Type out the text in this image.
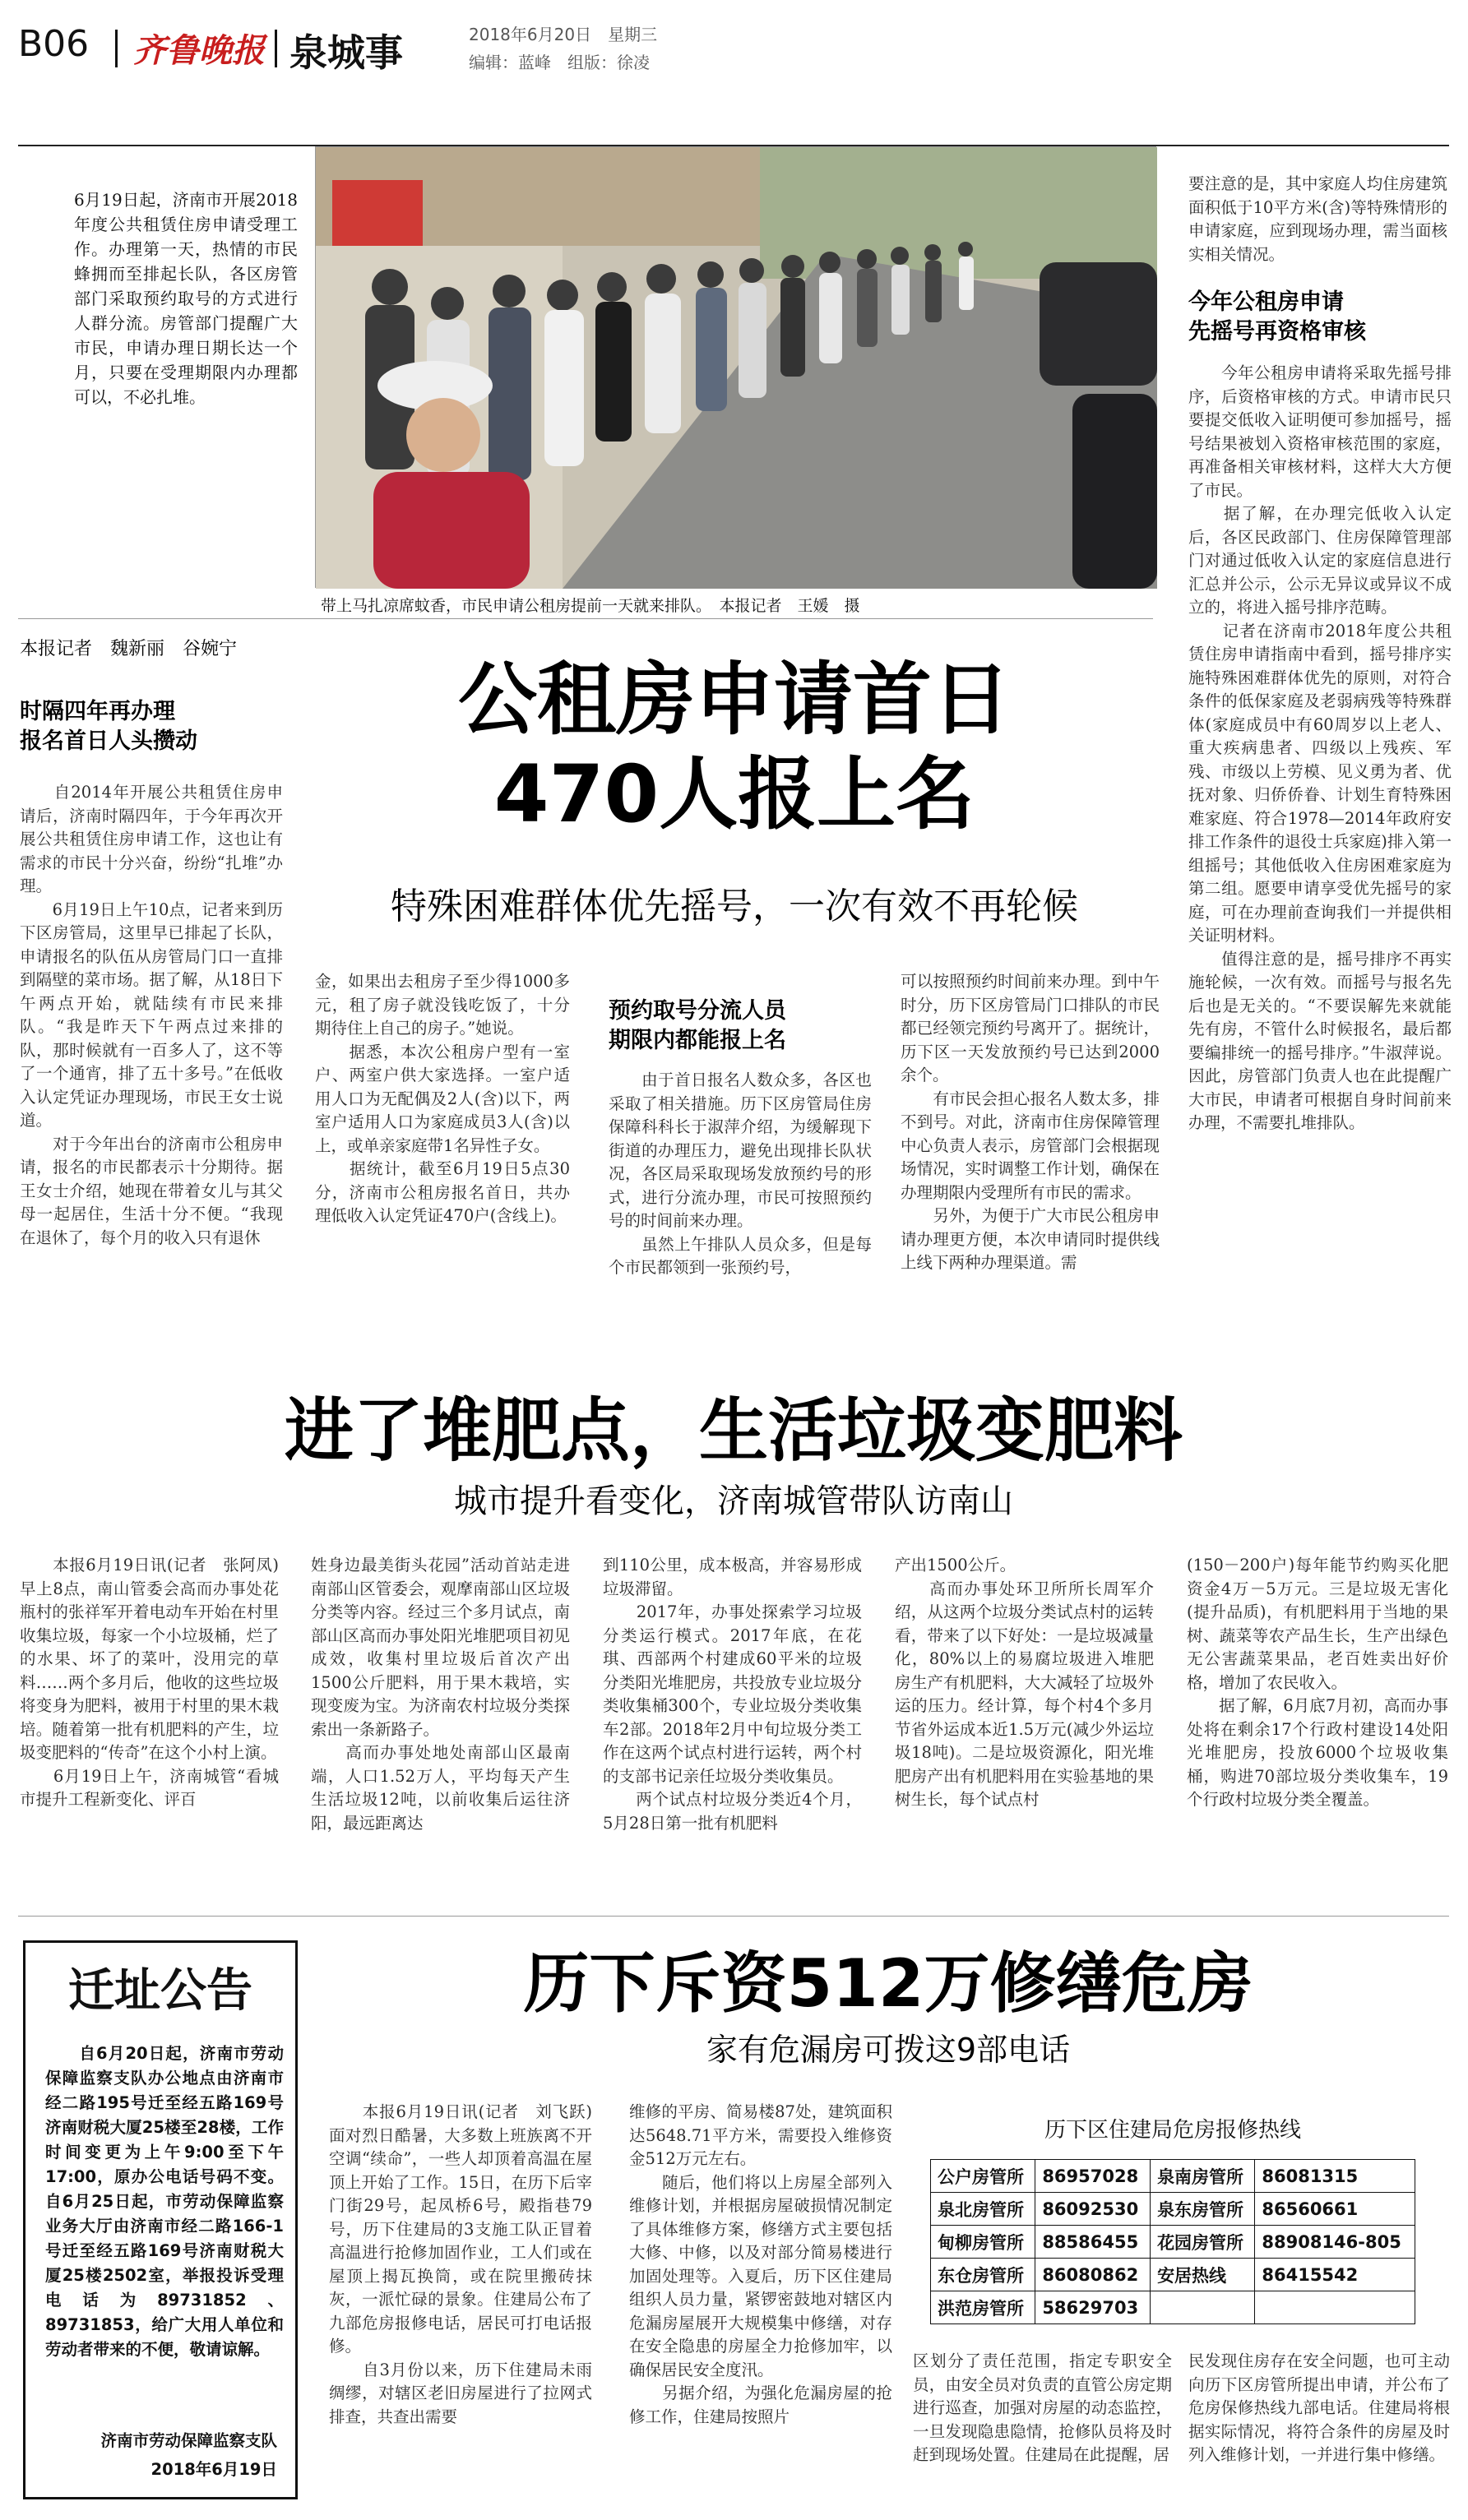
B06 齐鲁晚报 泉城事	2018年6月20日　星期三
编辑：蓝峰　组版：徐凌
6月19日起，济南市开展2018年度公共租赁住房申请受理工作。办理第一天，热情的市民蜂拥而至排起长队，各区房管部门采取预约取号的方式进行人群分流。房管部门提醒广大市民，申请办理日期长达一个月，只要在受理期限内办理都可以，不必扎堆。
带上马扎凉席蚊香，市民申请公租房提前一天就来排队。　本报记者　王媛　摄
本报记者　魏新丽　谷婉宁
公租房申请首日
470人报上名
特殊困难群体优先摇号，一次有效不再轮候
时隔四年再办理
报名首日人头攒动
　　自2014年开展公共租赁住房申请后，济南时隔四年，于今年再次开展公共租赁住房申请工作，这也让有需求的市民十分兴奋，纷纷“扎堆”办理。
　　6月19日上午10点，记者来到历下区房管局，这里早已排起了长队，申请报名的队伍从房管局门口一直排到隔壁的菜市场。据了解，从18日下午两点开始，就陆续有市民来排队。“我是昨天下午两点过来排的队，那时候就有一百多人了，这不等了一个通宵，排了五十多号。”在低收入认定凭证办理现场，市民王女士说道。
　　对于今年出台的济南市公租房申请，报名的市民都表示十分期待。据王女士介绍，她现在带着女儿与其父母一起居住，生活十分不便。“我现在退休了，每个月的收入只有退休
金，如果出去租房子至少得1000多元，租了房子就没钱吃饭了，十分期待住上自己的房子。”她说。
　　据悉，本次公租房户型有一室户、两室户供大家选择。一室户适用人口为无配偶及2人(含)以下，两室户适用人口为家庭成员3人(含)以上，或单亲家庭带1名异性子女。
　　据统计，截至6月19日5点30分，济南市公租房报名首日，共办理低收入认定凭证470户(含线上)。
预约取号分流人员
期限内都能报上名
　　由于首日报名人数众多，各区也采取了相关措施。历下区房管局住房保障科科长于淑萍介绍，为缓解现下街道的办理压力，避免出现排长队状况，各区局采取现场发放预约号的形式，进行分流办理，市民可按照预约号的时间前来办理。
　　虽然上午排队人员众多，但是每个市民都领到一张预约号，
可以按照预约时间前来办理。到中午时分，历下区房管局门口排队的市民都已经领完预约号离开了。据统计，历下区一天发放预约号已达到2000余个。
　　有市民会担心报名人数太多，排不到号。对此，济南市住房保障管理中心负责人表示，房管部门会根据现场情况，实时调整工作计划，确保在办理期限内受理所有市民的需求。
　　另外，为便于广大市民公租房申请办理更方便，本次申请同时提供线上线下两种办理渠道。需
要注意的是，其中家庭人均住房建筑面积低于10平方米(含)等特殊情形的申请家庭，应到现场办理，需当面核实相关情况。
今年公租房申请
先摇号再资格审核
　　今年公租房申请将采取先摇号排序，后资格审核的方式。申请市民只要提交低收入证明便可参加摇号，摇号结果被划入资格审核范围的家庭，再准备相关审核材料，这样大大方便了市民。
　　据了解，在办理完低收入认定后，各区民政部门、住房保障管理部门对通过低收入认定的家庭信息进行汇总并公示，公示无异议或异议不成立的，将进入摇号排序范畴。
　　记者在济南市2018年度公共租赁住房申请指南中看到，摇号排序实施特殊困难群体优先的原则，对符合条件的低保家庭及老弱病残等特殊群体(家庭成员中有60周岁以上老人、重大疾病患者、四级以上残疾、军残、市级以上劳模、见义勇为者、优抚对象、归侨侨眷、计划生育特殊困难家庭、符合1978—2014年政府安排工作条件的退役士兵家庭)排入第一组摇号；其他低收入住房困难家庭为第二组。愿要申请享受优先摇号的家庭，可在办理前查询我们一并提供相关证明材料。
　　值得注意的是，摇号排序不再实施轮候，一次有效。而摇号与报名先后也是无关的。“不要误解先来就能先有房，不管什么时候报名，最后都要编排统一的摇号排序。”牛淑萍说。因此，房管部门负责人也在此提醒广大市民，申请者可根据自身时间前来办理，不需要扎堆排队。
进了堆肥点，生活垃圾变肥料
城市提升看变化，济南城管带队访南山
　　本报6月19日讯(记者　张阿凤)　早上8点，南山管委会高而办事处花瓶村的张祥军开着电动车开始在村里收集垃圾，每家一个小垃圾桶，烂了的水果、坏了的菜叶，没用完的草料……两个多月后，他收的这些垃圾将变身为肥料，被用于村里的果木栽培。随着第一批有机肥料的产生，垃圾变肥料的“传奇”在这个小村上演。
　　6月19日上午，济南城管“看城市提升工程新变化、评百
姓身边最美街头花园”活动首站走进南部山区管委会，观摩南部山区垃圾分类等内容。经过三个多月试点，南部山区高而办事处阳光堆肥项目初见成效，收集村里垃圾后首次产出1500公斤肥料，用于果木栽培，实现变废为宝。为济南农村垃圾分类探索出一条新路子。
　　高而办事处地处南部山区最南端，人口1.52万人，平均每天产生生活垃圾12吨，以前收集后运往济阳，最远距离达
到110公里，成本极高，并容易形成垃圾滞留。
　　2017年，办事处探索学习垃圾分类运行模式。2017年底，在花琪、西部两个村建成60平米的垃圾分类阳光堆肥房，共投放专业垃圾分类收集桶300个，专业垃圾分类收集车2部。2018年2月中旬垃圾分类工作在这两个试点村进行运转，两个村的支部书记亲任垃圾分类收集员。
　　两个试点村垃圾分类近4个月，5月28日第一批有机肥料
产出1500公斤。
　　高而办事处环卫所所长周军介绍，从这两个垃圾分类试点村的运转看，带来了以下好处：一是垃圾减量化，80%以上的易腐垃圾进入堆肥房生产有机肥料，大大减轻了垃圾外运的压力。经计算，每个村4个多月节省外运成本近1.5万元(减少外运垃圾18吨)。二是垃圾资源化，阳光堆肥房产出有机肥料用在实验基地的果树生长，每个试点村
(150－200户)每年能节约购买化肥资金4万－5万元。三是垃圾无害化(提升品质)，有机肥料用于当地的果树、蔬菜等农产品生长，生产出绿色无公害蔬菜果品，老百姓卖出好价格，增加了农民收入。
　　据了解，6月底7月初，高而办事处将在剩余17个行政村建设14处阳光堆肥房，投放6000个垃圾收集桶，购进70部垃圾分类收集车，19个行政村垃圾分类全覆盖。
迁址公告
　　自6月20日起，济南市劳动保障监察支队办公地点由济南市经二路195号迁至经五路169号济南财税大厦25楼至28楼，工作时间变更为上午9:00至下午17:00，原办公电话号码不变。自6月25日起，市劳动保障监察业务大厅由济南市经二路166-1号迁至经五路169号济南财税大厦25楼2502室，举报投诉受理电话为89731852、89731853，给广大用人单位和劳动者带来的不便，敬请谅解。
济南市劳动保障监察支队
2018年6月19日
历下斥资512万修缮危房
家有危漏房可拨这9部电话
　　本报6月19日讯(记者　刘飞跃)　面对烈日酷暑，大多数上班族离不开空调“续命”，一些人却顶着高温在屋顶上开始了工作。15日，在历下后宰门街29号，起凤桥6号，殿指巷79号，历下住建局的3支施工队正冒着高温进行抢修加固作业，工人们或在屋顶上揭瓦换筒，或在院里搬砖抹灰，一派忙碌的景象。住建局公布了九部危房报修电话，居民可打电话报修。
　　自3月份以来，历下住建局未雨绸缪，对辖区老旧房屋进行了拉网式排查，共查出需要
维修的平房、简易楼87处，建筑面积达5648.71平方米，需要投入维修资金512万元左右。
　　随后，他们将以上房屋全部列入维修计划，并根据房屋破损情况制定了具体维修方案，修缮方式主要包括大修、中修，以及对部分简易楼进行加固处理等。入夏后，历下区住建局组织人员力量，紧锣密鼓地对辖区内危漏房屋展开大规模集中修缮，对存在安全隐患的房屋全力抢修加牢，以确保居民安全度汛。
　　另据介绍，为强化危漏房屋的抢修工作，住建局按照片
历下区住建局危房报修热线
公户房管所	86957028	泉南房管所	86081315
泉北房管所	86092530	泉东房管所	86560661
甸柳房管所	88586455	花园房管所	88908146-805
东仓房管所	86080862	安居热线	86415542
洪范房管所	58629703		
区划分了责任范围，指定专职安全员，由安全员对负责的直管公房定期进行巡查，加强对房屋的动态监控，一旦发现隐患隐情，抢修队员将及时赶到现场处置。住建局在此提醒，居
民发现住房存在安全问题，也可主动向历下区房管所提出申请，并公布了危房保修热线九部电话。住建局将根据实际情况，将符合条件的房屋及时列入维修计划，一并进行集中修缮。
